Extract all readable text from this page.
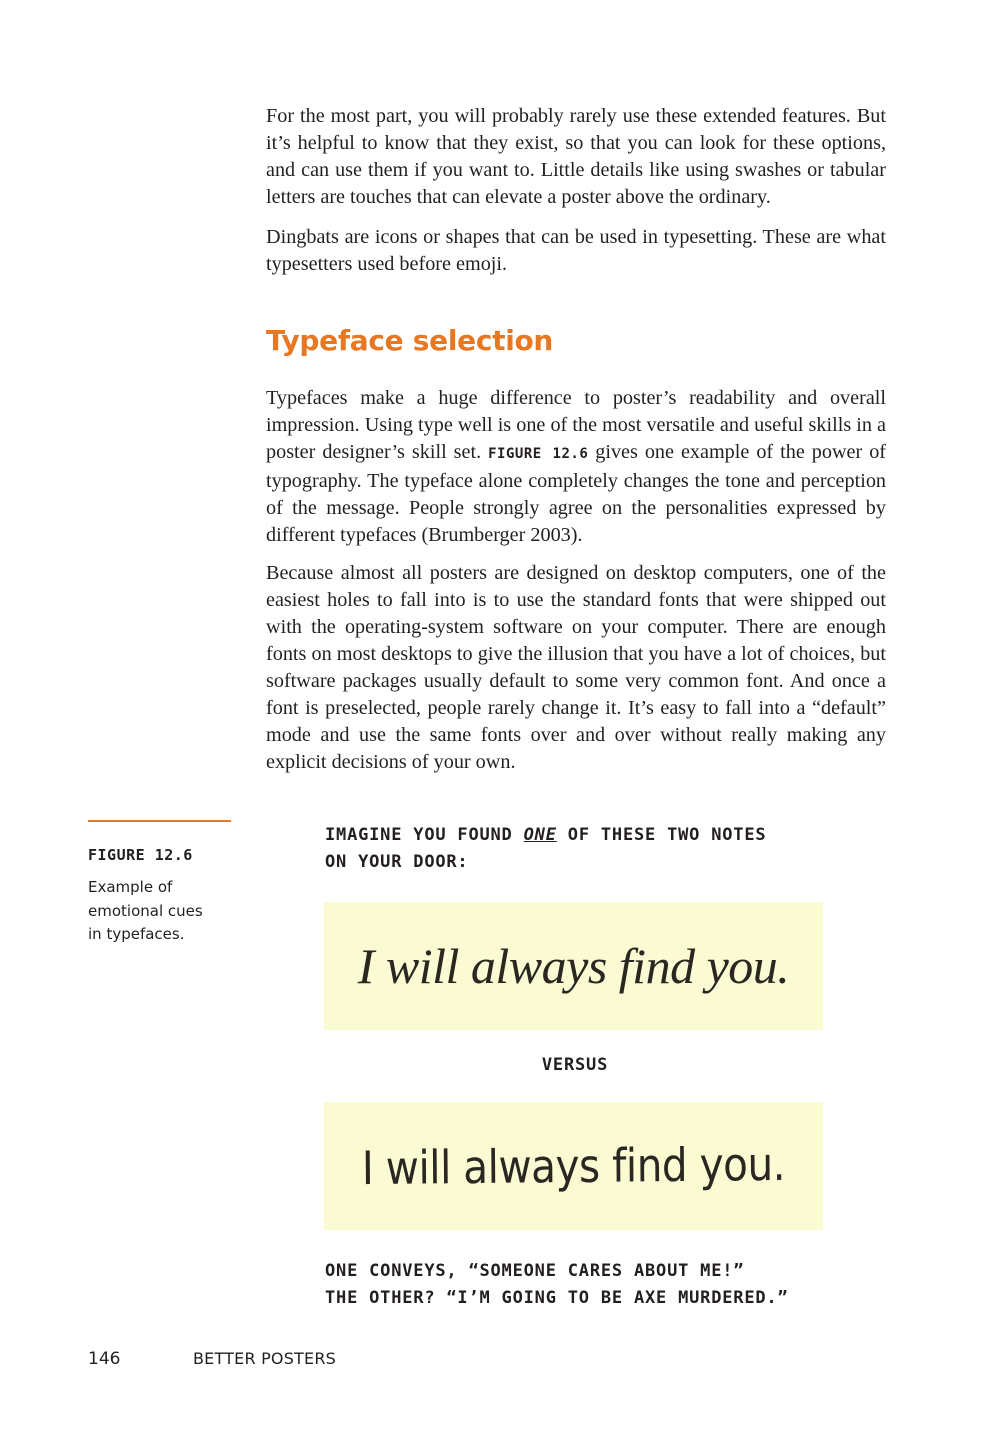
For the most part, you will probably rarely use these extended features. But it’s helpful to know that they exist, so that you can look for these options, and can use them if you want to. Little details like using swashes or tabular letters are touches that can elevate a poster above the ordinary.

Dingbats are icons or shapes that can be used in typesetting. These are what typesetters used before emoji.

Typeface selection

Typefaces make a huge difference to poster’s readability and overall impression. Using type well is one of the most versatile and useful skills in a poster designer’s skill set. FIGURE 12.6 gives one example of the power of typography. The typeface alone completely changes the tone and perception of the message. People strongly agree on the personalities expressed by different typefaces (Brumberger 2003).

Because almost all posters are designed on desktop computers, one of the easiest holes to fall into is to use the standard fonts that were shipped out with the operating-system software on your computer. There are enough fonts on most desktops to give the illusion that you have a lot of choices, but software packages usually default to some very common font. And once a font is preselected, people rarely change it. It’s easy to fall into a “default” mode and use the same fonts over and over without really making any explicit decisions of your own.

FIGURE 12.6
Example of emotional cues in typefaces.
IMAGINE YOU FOUND ONE OF THESE TWO NOTES
ON YOUR DOOR:
I will always find you.
VERSUS
I will always find you.
ONE CONVEYS, “SOMEONE CARES ABOUT ME!”
THE OTHER? “I’M GOING TO BE AXE MURDERED.”
146	BETTER POSTERS
